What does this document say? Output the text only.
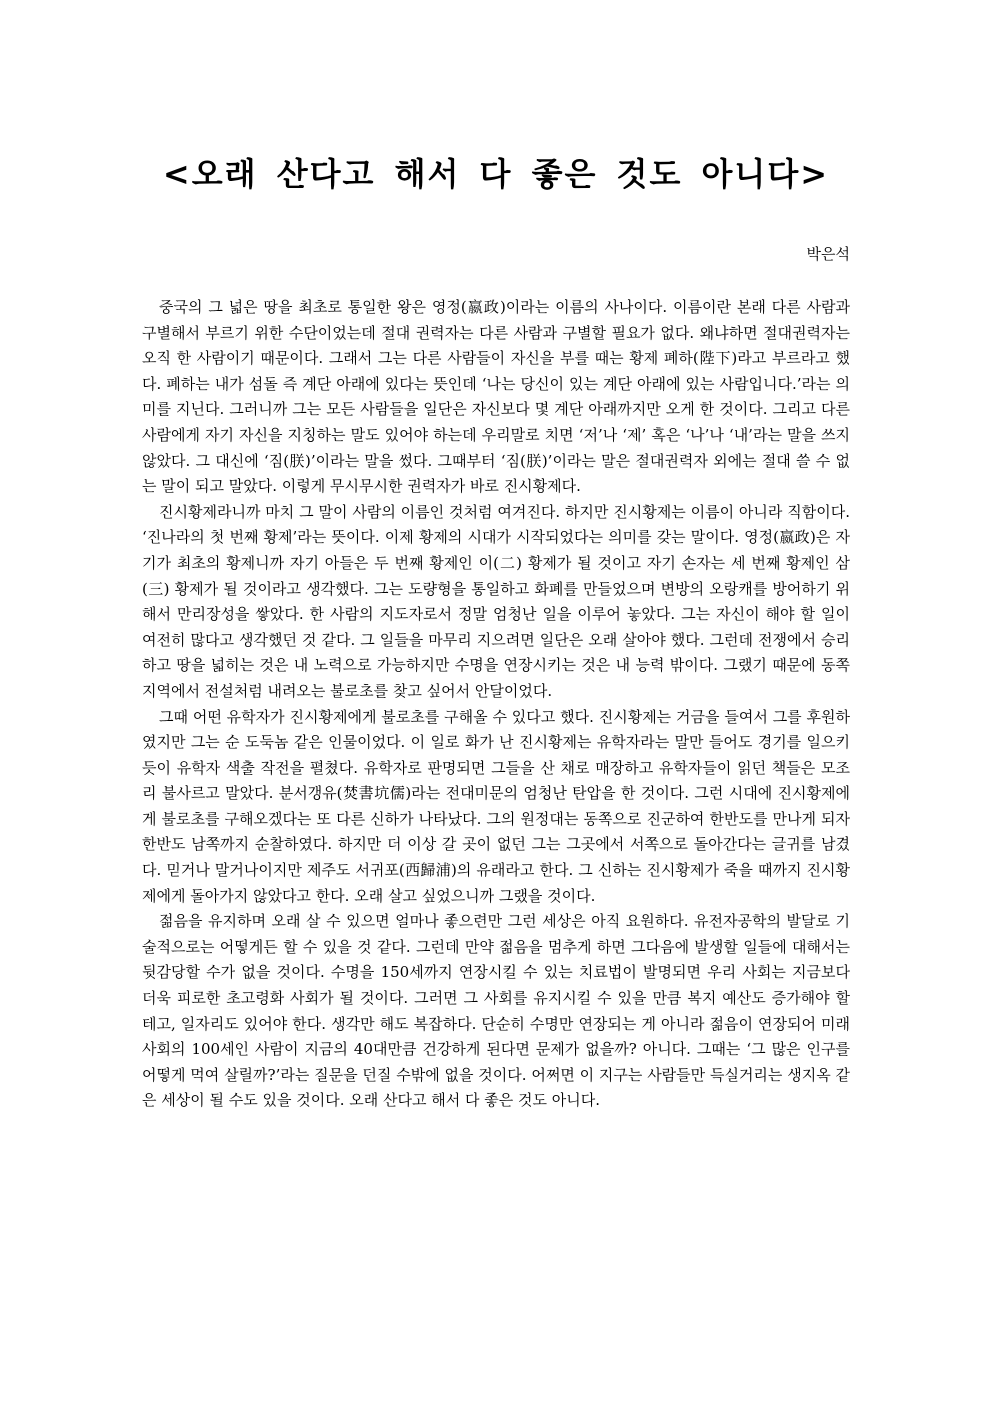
<오래 산다고 해서 다 좋은 것도 아니다>
박은석

중국의 그 넓은 땅을 최초로 통일한 왕은 영정(嬴政)이라는 이름의 사나이다. 이름이란 본래 다른 사람과 구별해서 부르기 위한 수단이었는데 절대 권력자는 다른 사람과 구별할 필요가 없다. 왜냐하면 절대권력자는 오직 한 사람이기 때문이다. 그래서 그는 다른 사람들이 자신을 부를 때는 황제 폐하(陛下)라고 부르라고 했다. 폐하는 내가 섬돌 즉 계단 아래에 있다는 뜻인데 ‘나는 당신이 있는 계단 아래에 있는 사람입니다.’라는 의미를 지닌다. 그러니까 그는 모든 사람들을 일단은 자신보다 몇 계단 아래까지만 오게 한 것이다. 그리고 다른 사람에게 자기 자신을 지칭하는 말도 있어야 하는데 우리말로 치면 ‘저’나 ‘제’ 혹은 ‘나’나 ‘내’라는 말을 쓰지 않았다. 그 대신에 ‘짐(朕)’이라는 말을 썼다. 그때부터 ‘짐(朕)’이라는 말은 절대권력자 외에는 절대 쓸 수 없는 말이 되고 말았다. 이렇게 무시무시한 권력자가 바로 진시황제다.

진시황제라니까 마치 그 말이 사람의 이름인 것처럼 여겨진다. 하지만 진시황제는 이름이 아니라 직함이다. ‘진나라의 첫 번째 황제’라는 뜻이다. 이제 황제의 시대가 시작되었다는 의미를 갖는 말이다. 영정(嬴政)은 자기가 최초의 황제니까 자기 아들은 두 번째 황제인 이(二) 황제가 될 것이고 자기 손자는 세 번째 황제인 삼(三) 황제가 될 것이라고 생각했다. 그는 도량형을 통일하고 화폐를 만들었으며 변방의 오랑캐를 방어하기 위해서 만리장성을 쌓았다. 한 사람의 지도자로서 정말 엄청난 일을 이루어 놓았다. 그는 자신이 해야 할 일이 여전히 많다고 생각했던 것 같다. 그 일들을 마무리 지으려면 일단은 오래 살아야 했다. 그런데 전쟁에서 승리하고 땅을 넓히는 것은 내 노력으로 가능하지만 수명을 연장시키는 것은 내 능력 밖이다. 그랬기 때문에 동쪽 지역에서 전설처럼 내려오는 불로초를 찾고 싶어서 안달이었다.

그때 어떤 유학자가 진시황제에게 불로초를 구해올 수 있다고 했다. 진시황제는 거금을 들여서 그를 후원하였지만 그는 순 도둑놈 같은 인물이었다. 이 일로 화가 난 진시황제는 유학자라는 말만 들어도 경기를 일으키듯이 유학자 색출 작전을 펼쳤다. 유학자로 판명되면 그들을 산 채로 매장하고 유학자들이 읽던 책들은 모조리 불사르고 말았다. 분서갱유(焚書坑儒)라는 전대미문의 엄청난 탄압을 한 것이다. 그런 시대에 진시황제에게 불로초를 구해오겠다는 또 다른 신하가 나타났다. 그의 원정대는 동쪽으로 진군하여 한반도를 만나게 되자 한반도 남쪽까지 순찰하였다. 하지만 더 이상 갈 곳이 없던 그는 그곳에서 서쪽으로 돌아간다는 글귀를 남겼다. 믿거나 말거나이지만 제주도 서귀포(西歸浦)의 유래라고 한다. 그 신하는 진시황제가 죽을 때까지 진시황제에게 돌아가지 않았다고 한다. 오래 살고 싶었으니까 그랬을 것이다.

젊음을 유지하며 오래 살 수 있으면 얼마나 좋으련만 그런 세상은 아직 요원하다. 유전자공학의 발달로 기술적으로는 어떻게든 할 수 있을 것 같다. 그런데 만약 젊음을 멈추게 하면 그다음에 발생할 일들에 대해서는 뒷감당할 수가 없을 것이다. 수명을 150세까지 연장시킬 수 있는 치료법이 발명되면 우리 사회는 지금보다 더욱 피로한 초고령화 사회가 될 것이다. 그러면 그 사회를 유지시킬 수 있을 만큼 복지 예산도 증가해야 할 테고, 일자리도 있어야 한다. 생각만 해도 복잡하다. 단순히 수명만 연장되는 게 아니라 젊음이 연장되어 미래사회의 100세인 사람이 지금의 40대만큼 건강하게 된다면 문제가 없을까? 아니다. 그때는 ‘그 많은 인구를 어떻게 먹여 살릴까?’라는 질문을 던질 수밖에 없을 것이다. 어쩌면 이 지구는 사람들만 득실거리는 생지옥 같은 세상이 될 수도 있을 것이다. 오래 산다고 해서 다 좋은 것도 아니다.
